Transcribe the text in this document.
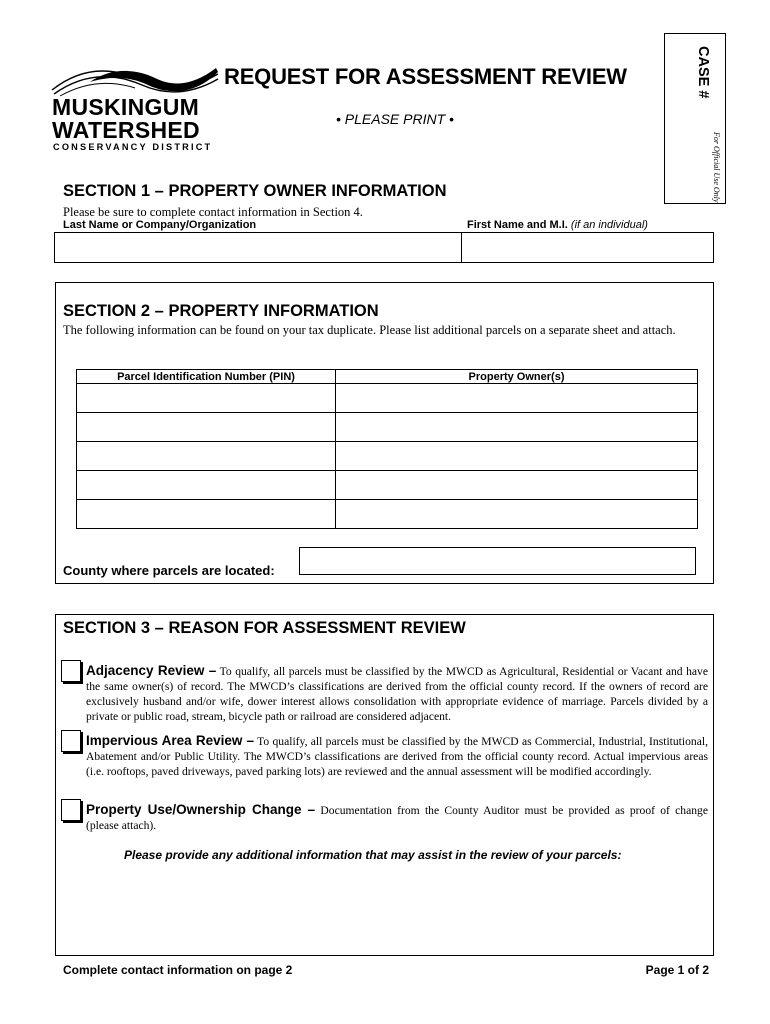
MUSKINGUM
WATERSHED
CONSERVANCY DISTRICT
REQUEST FOR ASSESSMENT REVIEW
• PLEASE PRINT •
CASE #
For Official Use Only
SECTION 1 – PROPERTY OWNER INFORMATION
Please be sure to complete contact information in Section 4.
Last Name or Company/Organization	First Name and M.I. (if an individual)
SECTION 2 – PROPERTY INFORMATION
The following information can be found on your tax duplicate. Please list additional parcels on a separate sheet and attach.
Parcel Identification Number (PIN)	Property Owner(s)

County where parcels are located:
SECTION 3 – REASON FOR ASSESSMENT REVIEW
Adjacency Review – To qualify, all parcels must be classified by the MWCD as Agricultural, Residential or Vacant and have the same owner(s) of record. The MWCD’s classifications are derived from the official county record. If the owners of record are exclusively husband and/or wife, dower interest allows consolidation with appropriate evidence of marriage. Parcels divided by a private or public road, stream, bicycle path or railroad are considered adjacent.
Impervious Area Review – To qualify, all parcels must be classified by the MWCD as Commercial, Industrial, Institutional, Abatement and/or Public Utility. The MWCD’s classifications are derived from the official county record. Actual impervious areas (i.e. rooftops, paved driveways, paved parking lots) are reviewed and the annual assessment will be modified accordingly.
Property Use/Ownership Change – Documentation from the County Auditor must be provided as proof of change (please attach).
Please provide any additional information that may assist in the review of your parcels:
Complete contact information on page 2	Page 1 of 2
